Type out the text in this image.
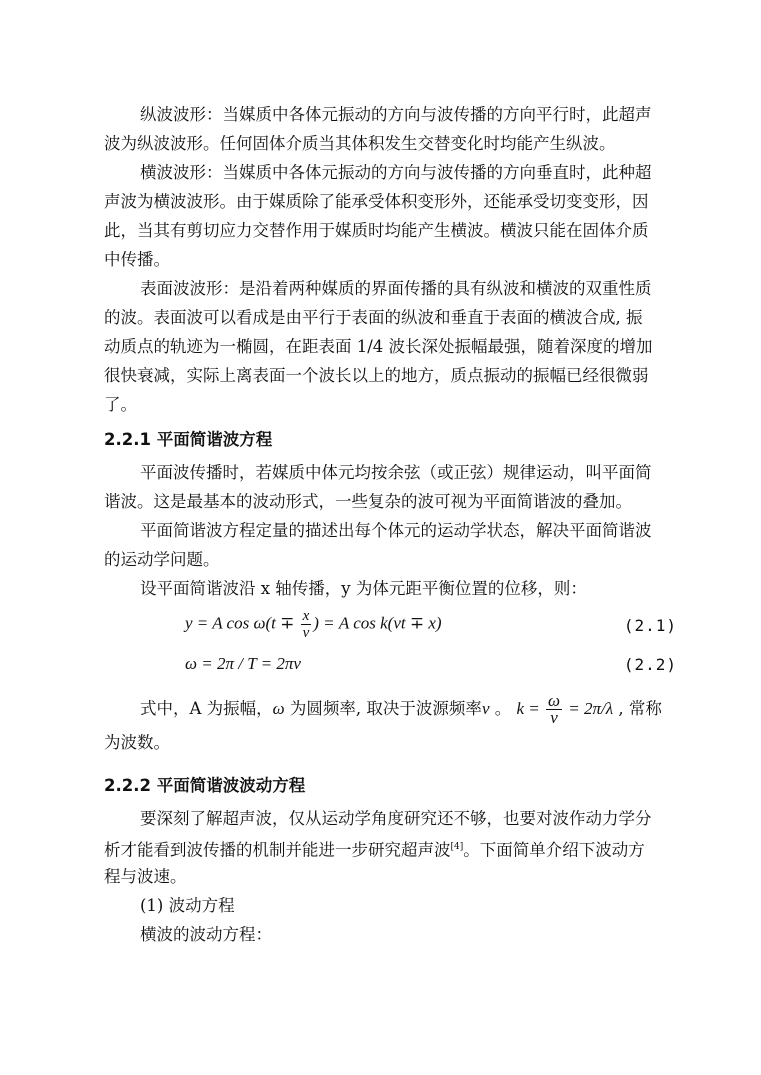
纵波波形：当媒质中各体元振动的方向与波传播的方向平行时，此超声
波为纵波波形。任何固体介质当其体积发生交替变化时均能产生纵波。

横波波形：当媒质中各体元振动的方向与波传播的方向垂直时，此种超
声波为横波波形。由于媒质除了能承受体积变形外，还能承受切变变形，因
此，当其有剪切应力交替作用于媒质时均能产生横波。横波只能在固体介质
中传播。

表面波波形：是沿着两种媒质的界面传播的具有纵波和横波的双重性质
的波。表面波可以看成是由平行于表面的纵波和垂直于表面的横波合成, 振
动质点的轨迹为一椭圆，在距表面 1/4 波长深处振幅最强，随着深度的增加
很快衰减，实际上离表面一个波长以上的地方，质点振动的振幅已经很微弱
了。

2.2.1 平面简谐波方程

平面波传播时，若媒质中体元均按余弦（或正弦）规律运动，叫平面简
谐波。这是最基本的波动形式，一些复杂的波可视为平面简谐波的叠加。

平面简谐波方程定量的描述出每个体元的运动学状态，解决平面简谐波
的运动学问题。

设平面简谐波沿 x 轴传播，y 为体元距平衡位置的位移，则：

y = A $\cos \omega(t \mp \frac{x}{v}$ ) = A cos k(vt ∓ x)	(2.1)
ω = 2π / T = 2πν	(2.2)

式中，A 为振幅，ω 为圆频率, 取决于波源频率ν 。 $k = \frac{\omega}{v} = 2\pi/\lambda$ , 常称
为波数。

2.2.2 平面简谐波波动方程

要深刻了解超声波，仅从运动学角度研究还不够，也要对波作动力学分
析才能看到波传播的机制并能进一步研究超声波[4]。下面简单介绍下波动方
程与波速。

(1) 波动方程
横波的波动方程：
